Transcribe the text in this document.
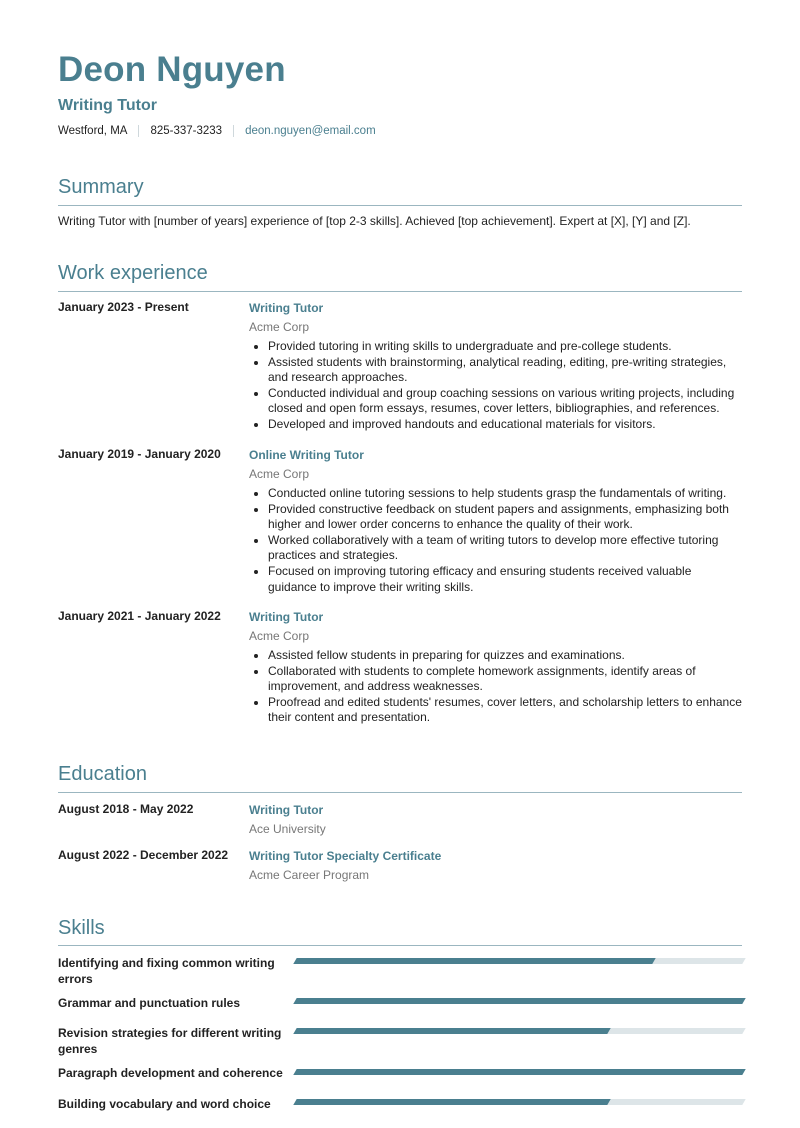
Deon Nguyen
Writing Tutor
Westford, MA 825-337-3233 deon.nguyen@email.com
Summary
Writing Tutor with [number of years] experience of [top 2-3 skills]. Achieved [top achievement]. Expert at [X], [Y] and [Z].
Work experience
January 2023 - Present	Writing Tutor
Acme Corp
• Provided tutoring in writing skills to undergraduate and pre-college students.
• Assisted students with brainstorming, analytical reading, editing, pre-writing strategies, and research approaches.
• Conducted individual and group coaching sessions on various writing projects, including closed and open form essays, resumes, cover letters, bibliographies, and references.
• Developed and improved handouts and educational materials for visitors.
January 2019 - January 2020	Online Writing Tutor
Acme Corp
• Conducted online tutoring sessions to help students grasp the fundamentals of writing.
• Provided constructive feedback on student papers and assignments, emphasizing both higher and lower order concerns to enhance the quality of their work.
• Worked collaboratively with a team of writing tutors to develop more effective tutoring practices and strategies.
• Focused on improving tutoring efficacy and ensuring students received valuable guidance to improve their writing skills.
January 2021 - January 2022	Writing Tutor
Acme Corp
• Assisted fellow students in preparing for quizzes and examinations.
• Collaborated with students to complete homework assignments, identify areas of improvement, and address weaknesses.
• Proofread and edited students' resumes, cover letters, and scholarship letters to enhance their content and presentation.
Education
August 2018 - May 2022	Writing Tutor
Ace University
August 2022 - December 2022	Writing Tutor Specialty Certificate
Acme Career Program
Skills
Identifying and fixing common writing errors
Grammar and punctuation rules
Revision strategies for different writing genres
Paragraph development and coherence
Building vocabulary and word choice
